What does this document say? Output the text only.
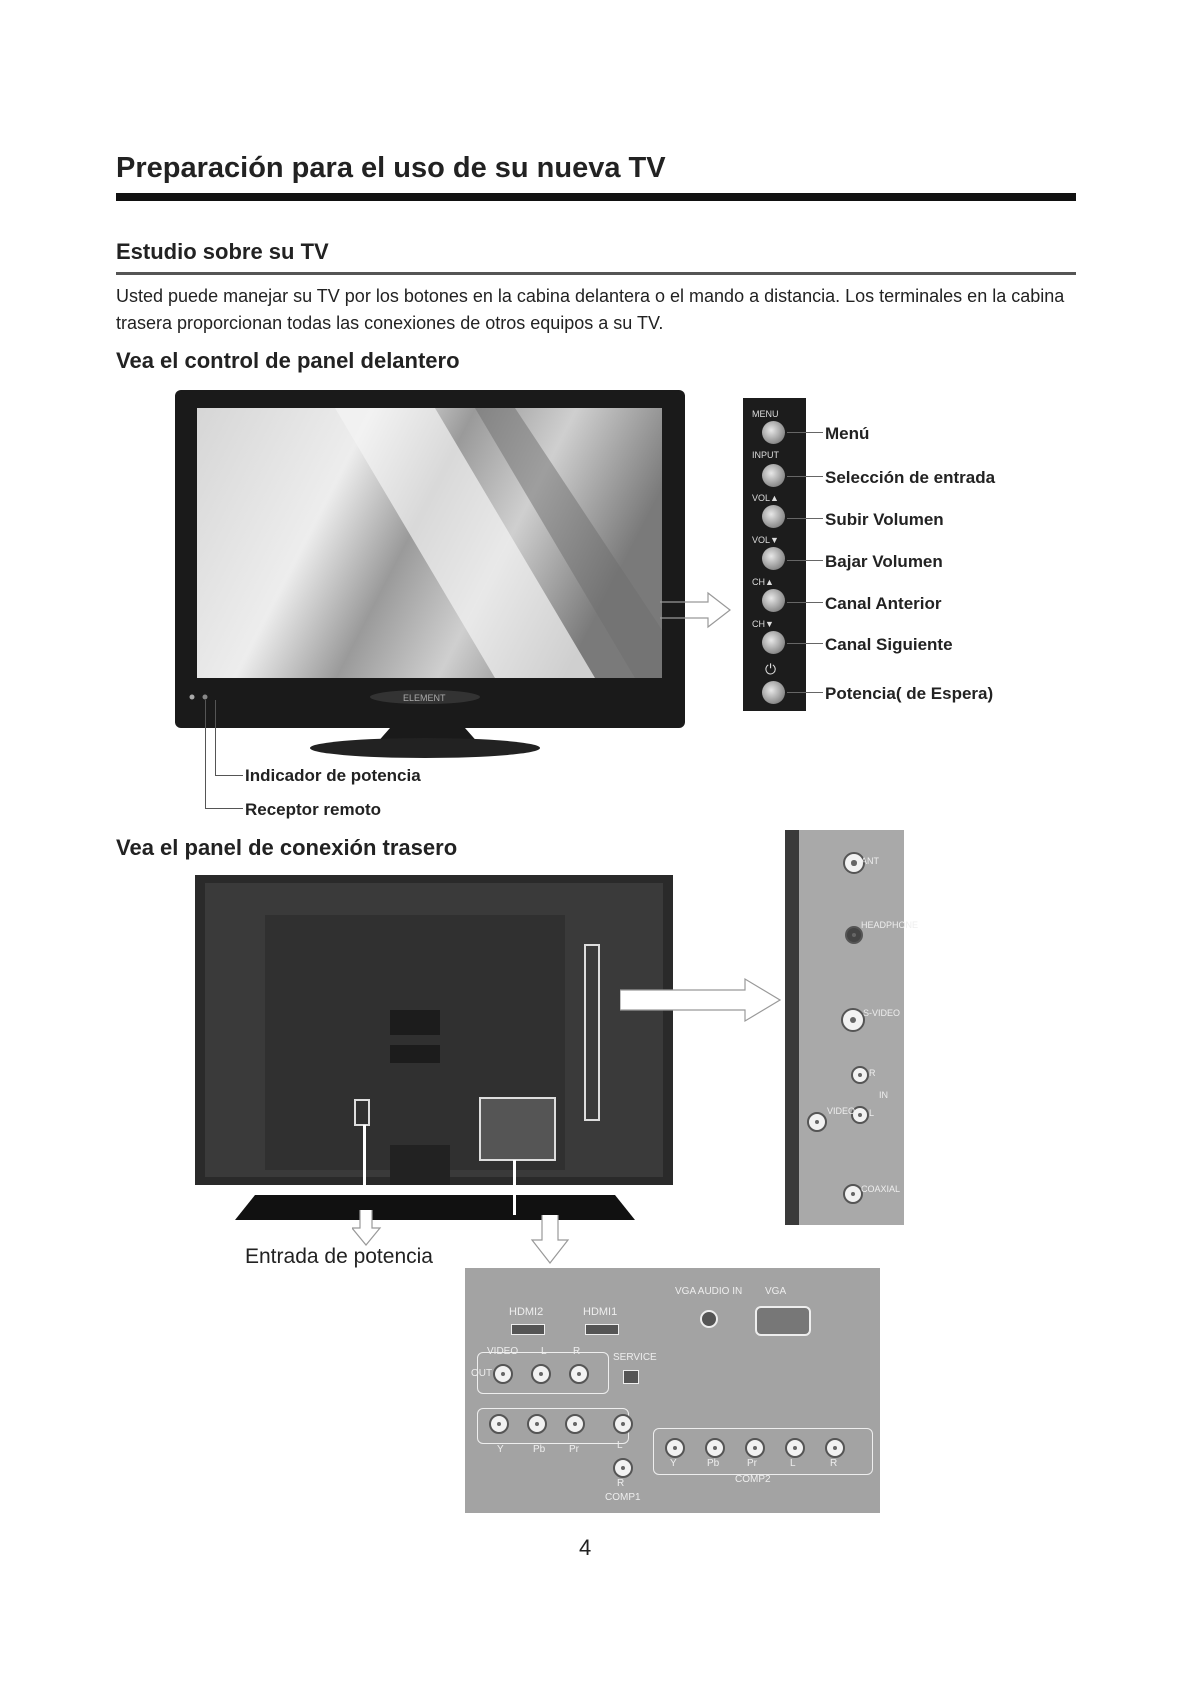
Preparación para el uso de su nueva TV
Estudio sobre su TV
Usted puede manejar su TV por los botones en la cabina delantera o el mando a distancia. Los terminales en la cabina trasera proporcionan todas las conexiones de otros equipos a su TV.
Vea el control de panel delantero
ELEMENT
Indicador de potencia
Receptor remoto
MENU
INPUT
VOL▲
VOL▼
CH▲
CH▼
⏻
Menú
Selección de entrada
Subir Volumen
Bajar Volumen
Canal Anterior
Canal Siguiente
Potencia( de Espera)
Vea el panel de conexión trasero
Entrada de potencia
ANT
HEADPHONE
S-VIDEO
R
IN
L
VIDEO
COAXIAL
HDMI2	HDMI1
VGA AUDIO IN VGA
VIDEO L	R
OUT
SERVICE
Y	Pb Pr	L
R
COMP1
Y	Pb	Pr	L	R
COMP2
4
